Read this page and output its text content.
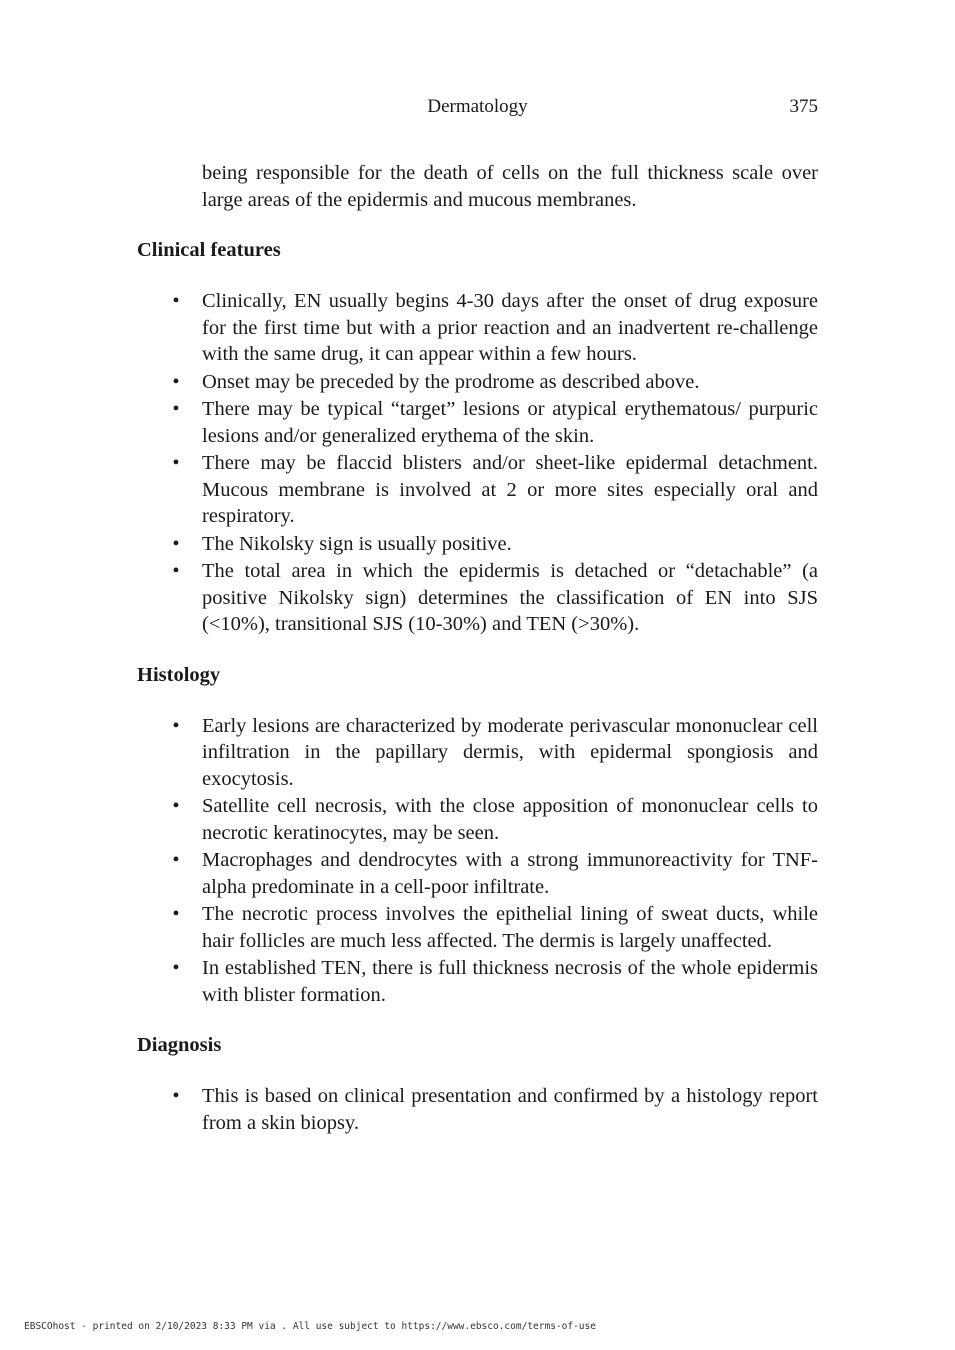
Dermatology	375

being responsible for the death of cells on the full thickness scale over large areas of the epidermis and mucous membranes.

Clinical features
• Clinically, EN usually begins 4-30 days after the onset of drug exposure for the first time but with a prior reaction and an inadvertent re-challenge with the same drug, it can appear within a few hours.
• Onset may be preceded by the prodrome as described above.
• There may be typical “target” lesions or atypical erythematous/ purpuric lesions and/or generalized erythema of the skin.
• There may be flaccid blisters and/or sheet-like epidermal detachment. Mucous membrane is involved at 2 or more sites especially oral and respiratory.
• The Nikolsky sign is usually positive.
• The total area in which the epidermis is detached or “detachable” (a positive Nikolsky sign) determines the classification of EN into SJS (<10%), transitional SJS (10-30%) and TEN (>30%).
Histology
• Early lesions are characterized by moderate perivascular mononuclear cell infiltration in the papillary dermis, with epidermal spongiosis and exocytosis.
• Satellite cell necrosis, with the close apposition of mononuclear cells to necrotic keratinocytes, may be seen.
• Macrophages and dendrocytes with a strong immunoreactivity for TNF-alpha predominate in a cell-poor infiltrate.
• The necrotic process involves the epithelial lining of sweat ducts, while hair follicles are much less affected. The dermis is largely unaffected.
• In established TEN, there is full thickness necrosis of the whole epidermis with blister formation.
Diagnosis
• This is based on clinical presentation and confirmed by a histology report from a skin biopsy.
EBSCOhost - printed on 2/10/2023 8:33 PM via . All use subject to https://www.ebsco.com/terms-of-use
